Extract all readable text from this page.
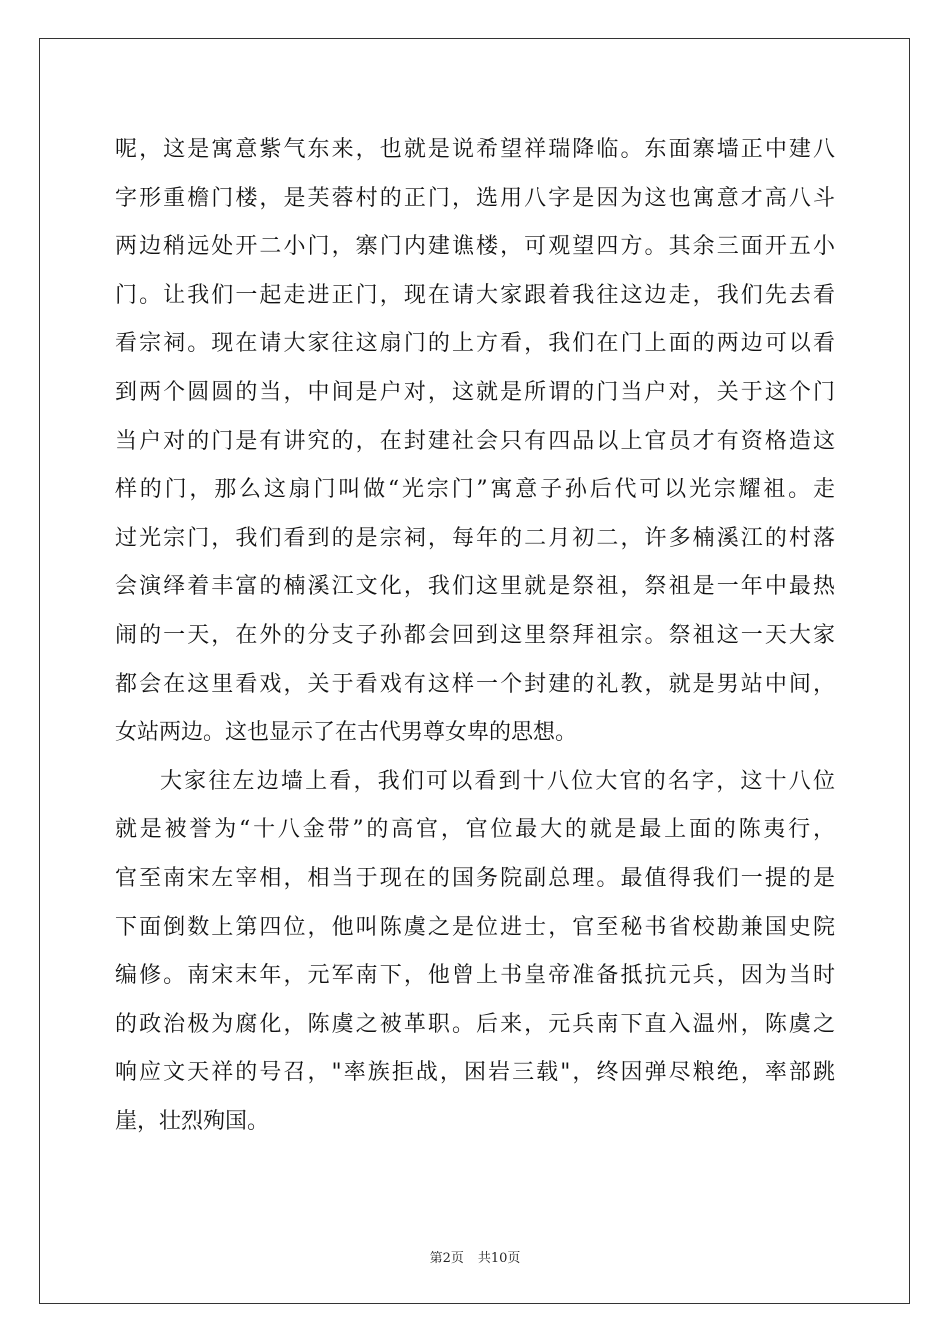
呢，这是寓意紫气东来，也就是说希望祥瑞降临。东面寨墙正中建八
字形重檐门楼，是芙蓉村的正门，选用八字是因为这也寓意才高八斗
两边稍远处开二小门，寨门内建谯楼，可观望四方。其余三面开五小
门。让我们一起走进正门，现在请大家跟着我往这边走，我们先去看
看宗祠。现在请大家往这扇门的上方看，我们在门上面的两边可以看
到两个圆圆的当，中间是户对，这就是所谓的门当户对，关于这个门
当户对的门是有讲究的，在封建社会只有四品以上官员才有资格造这
样的门，那么这扇门叫做“光宗门”寓意子孙后代可以光宗耀祖。走
过光宗门，我们看到的是宗祠，每年的二月初二，许多楠溪江的村落
会演绎着丰富的楠溪江文化，我们这里就是祭祖，祭祖是一年中最热
闹的一天，在外的分支子孙都会回到这里祭拜祖宗。祭祖这一天大家
都会在这里看戏，关于看戏有这样一个封建的礼教，就是男站中间，
女站两边。这也显示了在古代男尊女卑的思想。
大家往左边墙上看，我们可以看到十八位大官的名字，这十八位
就是被誉为“十八金带”的高官，官位最大的就是最上面的陈夷行，
官至南宋左宰相，相当于现在的国务院副总理。最值得我们一提的是
下面倒数上第四位，他叫陈虞之是位进士，官至秘书省校勘兼国史院
编修。南宋末年，元军南下，他曾上书皇帝准备抵抗元兵，因为当时
的政治极为腐化，陈虞之被革职。后来，元兵南下直入温州，陈虞之
响应文天祥的号召，"率族拒战，困岩三载"，终因弹尽粮绝，率部跳
崖，壮烈殉国。
第2页 共10页
